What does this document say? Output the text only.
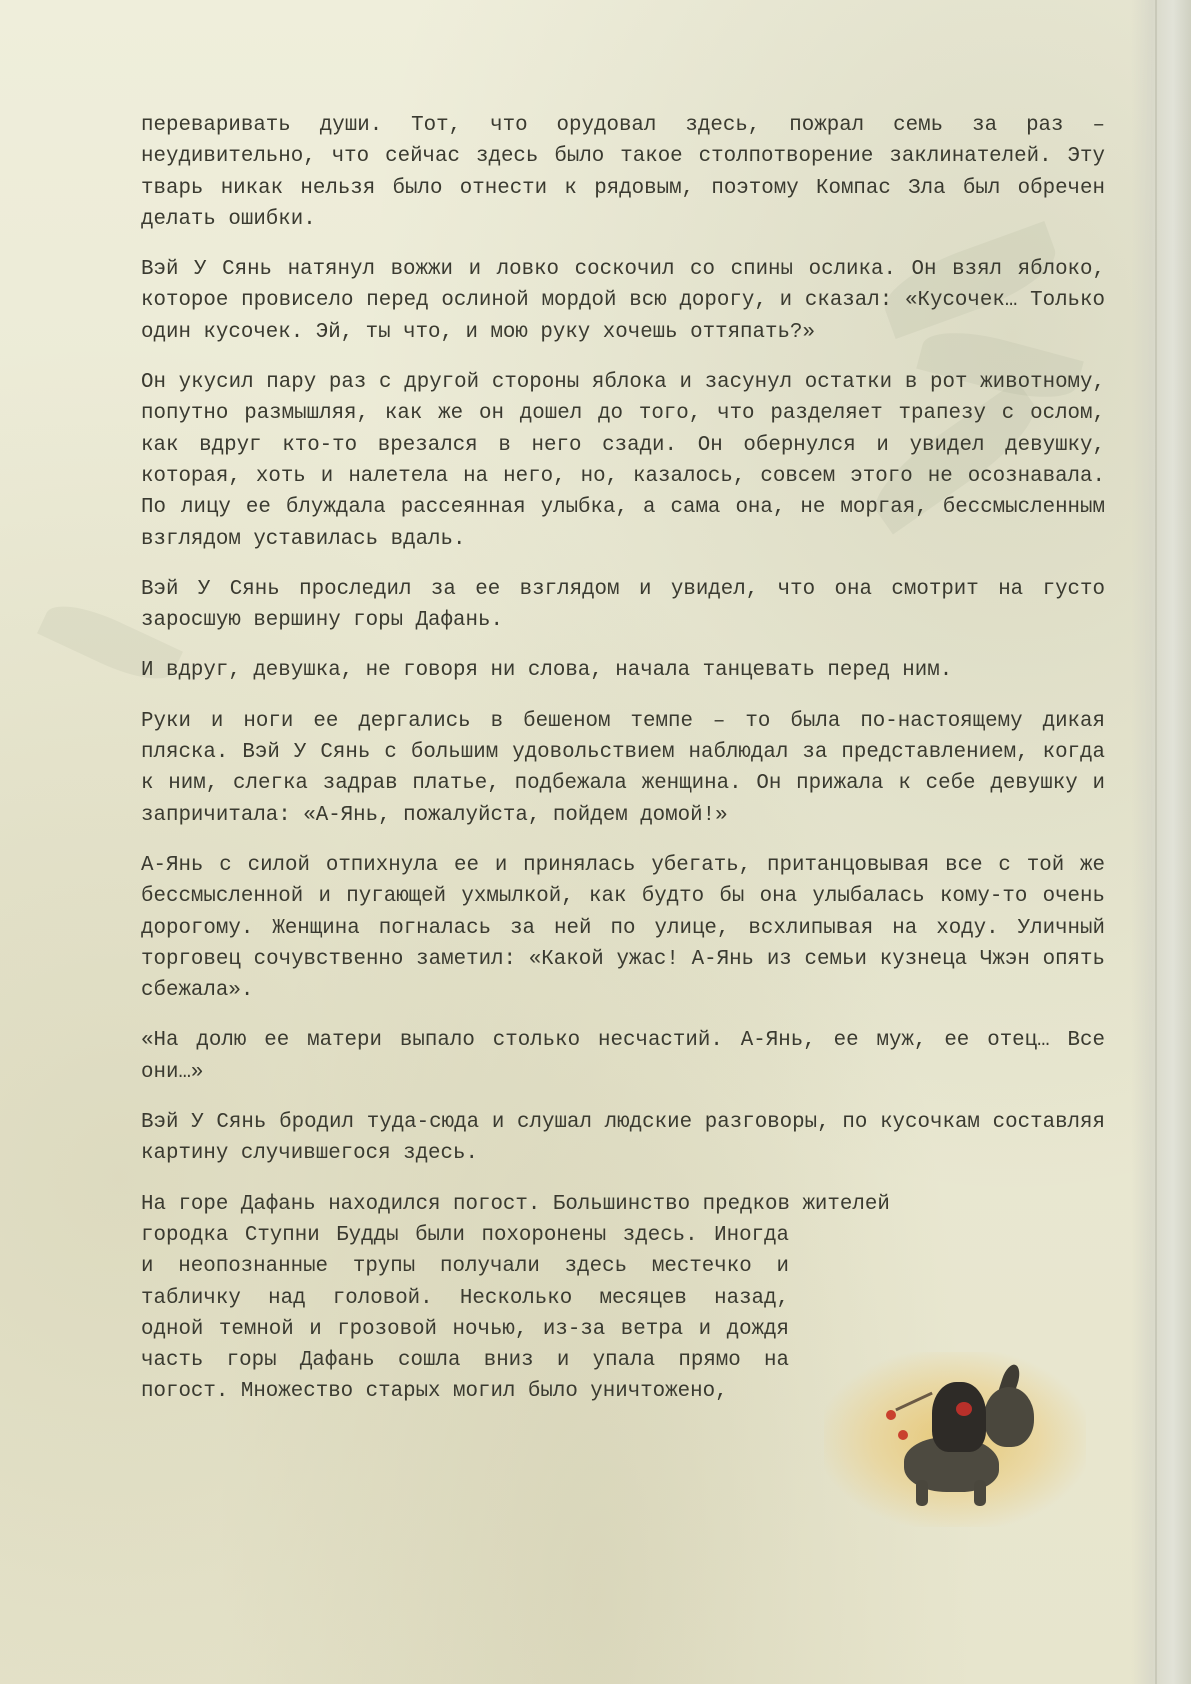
переваривать души. Тот, что орудовал здесь, пожрал семь за раз – неудивительно, что сейчас здесь было такое столпотворение заклинателей. Эту тварь никак нельзя было отнести к рядовым, поэтому Компас Зла был обречен делать ошибки.

Вэй У Сянь натянул вожжи и ловко соскочил со спины ослика. Он взял яблоко, которое провисело перед ослиной мордой всю дорогу, и сказал: «Кусочек… Только один кусочек. Эй, ты что, и мою руку хочешь оттяпать?»

Он укусил пару раз с другой стороны яблока и засунул остатки в рот животному, попутно размышляя, как же он дошел до того, что разделяет трапезу с ослом, как вдруг кто-то врезался в него сзади. Он обернулся и увидел девушку, которая, хоть и налетела на него, но, казалось, совсем этого не осознавала. По лицу ее блуждала рассеянная улыбка, а сама она, не моргая, бессмысленным взглядом уставилась вдаль.

Вэй У Сянь проследил за ее взглядом и увидел, что она смотрит на густо заросшую вершину горы Дафань.

И вдруг, девушка, не говоря ни слова, начала танцевать перед ним.

Руки и ноги ее дергались в бешеном темпе – то была по-настоящему дикая пляска. Вэй У Сянь с большим удовольствием наблюдал за представлением, когда к ним, слегка задрав платье, подбежала женщина. Он прижала к себе девушку и запричитала: «А-Янь, пожалуйста, пойдем домой!»

А-Янь с силой отпихнула ее и принялась убегать, пританцовывая все с той же бессмысленной и пугающей ухмылкой, как будто бы она улыбалась кому-то очень дорогому. Женщина погналась за ней по улице, всхлипывая на ходу. Уличный торговец сочувственно заметил: «Какой ужас! А-Янь из семьи кузнеца Чжэн опять сбежала».

«На долю ее матери выпало столько несчастий. А-Янь, ее муж, ее отец… Все они…»

Вэй У Сянь бродил туда-сюда и слушал людские разговоры, по кусочкам составляя картину случившегося здесь.

На горе Дафань находился погост. Большинство предков жителей

городка Ступни Будды были похоронены здесь. Иногда и неопознанные трупы получали здесь местечко и табличку над головой. Несколько месяцев назад, одной темной и грозовой ночью, из-за ветра и дождя часть горы Дафань сошла вниз и упала прямо на погост. Множество старых могил было уничтожено,
